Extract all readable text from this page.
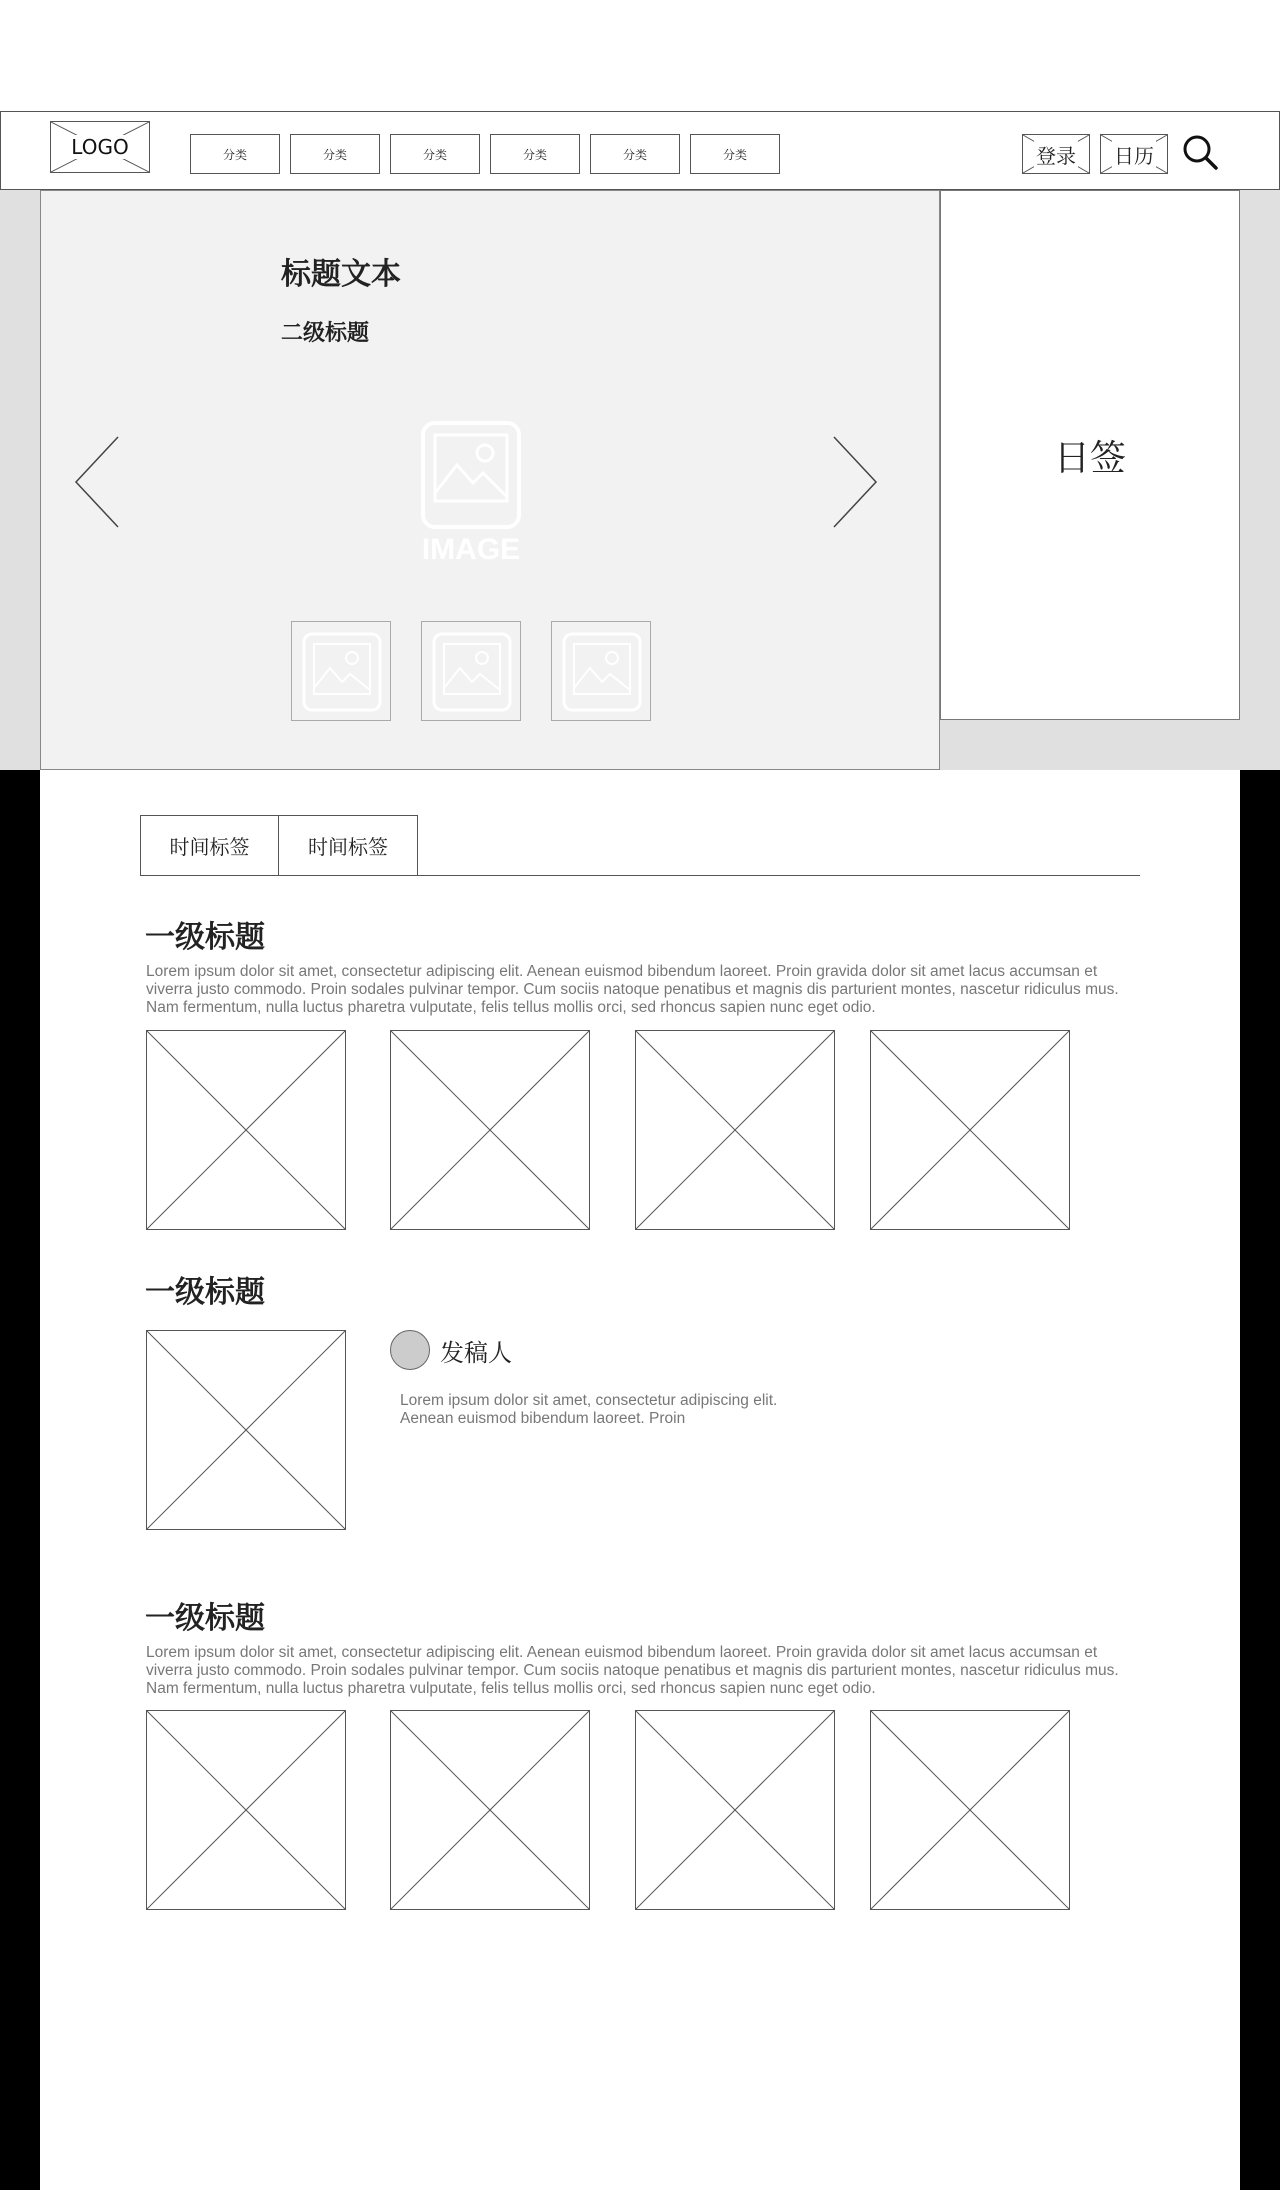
LOGO	分类	分类	分类	分类	分类	分类	登录 日历
标题文本
二级标题
IMAGE
日签
时间标签	时间标签
一级标题
Lorem ipsum dolor sit amet, consectetur adipiscing elit. Aenean euismod bibendum laoreet. Proin gravida dolor sit amet lacus accumsan et viverra justo commodo. Proin sodales pulvinar tempor. Cum sociis natoque penatibus et magnis dis parturient montes, nascetur ridiculus mus. Nam fermentum, nulla luctus pharetra vulputate, felis tellus mollis orci, sed rhoncus sapien nunc eget odio.
一级标题
发稿人
Lorem ipsum dolor sit amet, consectetur adipiscing elit. Aenean euismod bibendum laoreet. Proin
一级标题
Lorem ipsum dolor sit amet, consectetur adipiscing elit. Aenean euismod bibendum laoreet. Proin gravida dolor sit amet lacus accumsan et viverra justo commodo. Proin sodales pulvinar tempor. Cum sociis natoque penatibus et magnis dis parturient montes, nascetur ridiculus mus. Nam fermentum, nulla luctus pharetra vulputate, felis tellus mollis orci, sed rhoncus sapien nunc eget odio.
